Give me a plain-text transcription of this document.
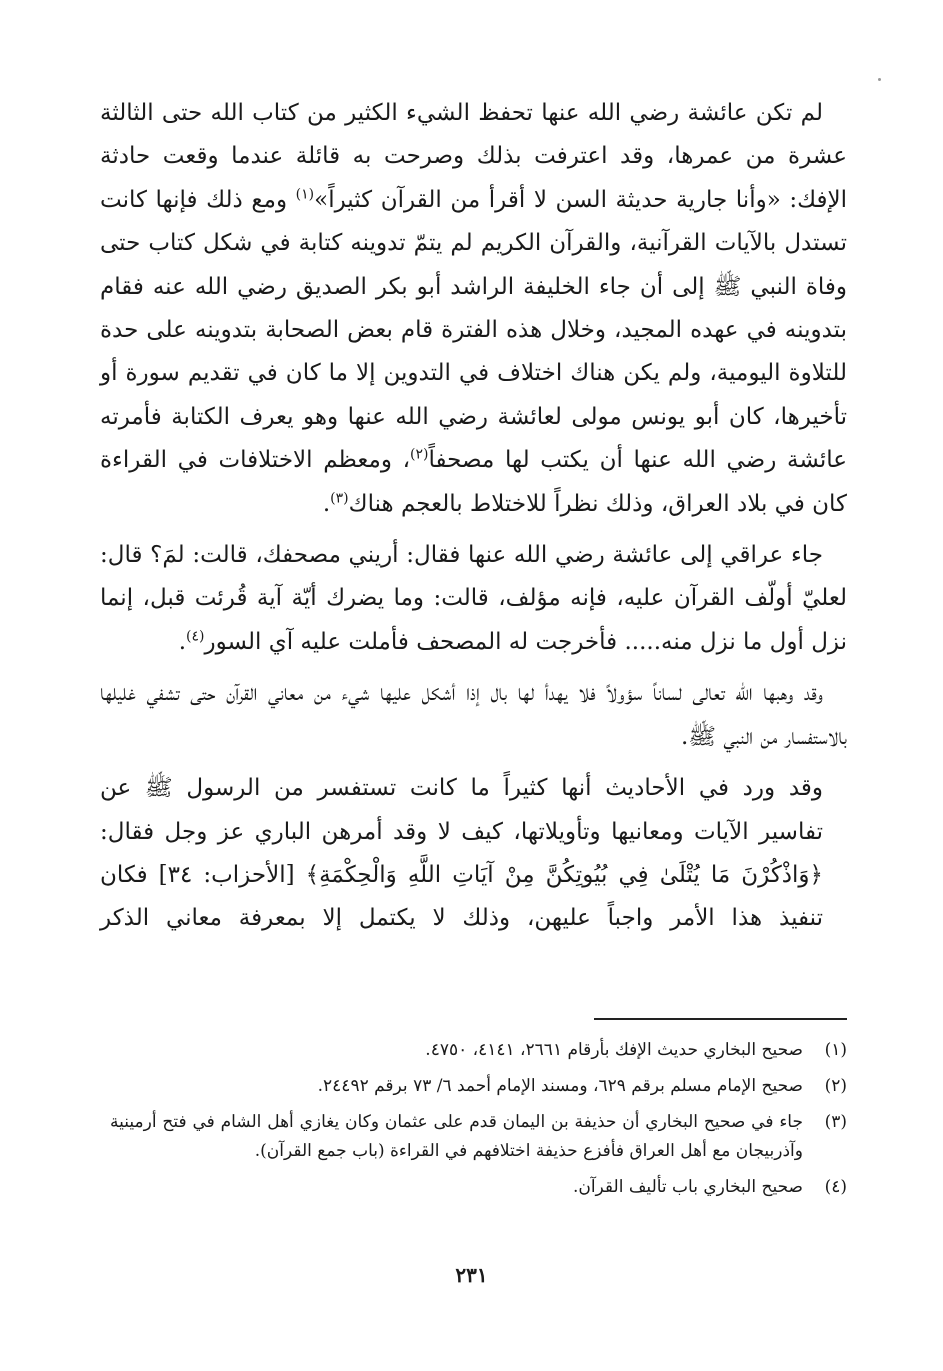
لم تكن عائشة رضي الله عنها تحفظ الشيء الكثير من كتاب الله حتى الثالثة عشرة من عمرها، وقد اعترفت بذلك وصرحت به قائلة عندما وقعت حادثة الإفك: «وأنا جارية حديثة السن لا أقرأ من القرآن كثيراً»$^{(١)}$ ومع ذلك فإنها كانت تستدل بالآيات القرآنية، والقرآن الكريم لم يتمّ تدوينه كتابة في شكل كتاب حتى وفاة النبي ﷺ إلى أن جاء الخليفة الراشد أبو بكر الصديق رضي الله عنه فقام بتدوينه في عهده المجيد، وخلال هذه الفترة قام بعض الصحابة بتدوينه على حدة للتلاوة اليومية، ولم يكن هناك اختلاف في التدوين إلا ما كان في تقديم سورة أو تأخيرها، كان أبو يونس مولى لعائشة رضي الله عنها وهو يعرف الكتابة فأمرته عائشة رضي الله عنها أن يكتب لها مصحفاً$^{(٢)}$، ومعظم الاختلافات في القراءة كان في بلاد العراق، وذلك نظراً للاختلاط بالعجم هناك$^{(٣)}$.

جاء عراقي إلى عائشة رضي الله عنها فقال: أريني مصحفك، قالت: لمَ؟ قال: لعليّ أولّف القرآن عليه، فإنه مؤلف، قالت: وما يضرك أيّة آية قُرئت قبل، إنما نزل أول ما نزل منه..... فأخرجت له المصحف فأملت عليه آي السور$^{(٤)}$.

وقد وهبها الله تعالى لساناً سؤولاً فلا يهدأ لها بال إذا أشكل عليها شيء من معاني القرآن حتى تشفي غليلها بالاستفسار من النبي ﷺ.

وقد ورد في الأحاديث أنها كثيراً ما كانت تستفسر من الرسول ﷺ عن
تفاسير الآيات ومعانيها وتأويلاتها، كيف لا وقد أمرهن الباري عز وجل فقال:
﴿وَاذْكُرْنَ مَا يُتْلَىٰ فِي بُيُوتِكُنَّ مِنْ آيَاتِ اللَّهِ وَالْحِكْمَةِ﴾ [الأحزاب: ٣٤] فكان
تنفيذ هذا الأمر واجباً عليهن، وذلك لا يكتمل إلا بمعرفة معاني الذكر

(١)
صحيح البخاري حديث الإفك بأرقام ٢٦٦١، ٤١٤١، ٤٧٥٠.
(٢)
صحيح الإمام مسلم برقم ٦٢٩، ومسند الإمام أحمد ٦/ ٧٣ برقم ٢٤٤٩٢.
(٣)
جاء في صحيح البخاري أن حذيفة بن اليمان قدم على عثمان وكان يغازي أهل الشام في فتح أرمينية وآذربيجان مع أهل العراق فأفزع حذيفة اختلافهم في القراءة (باب جمع القرآن).
(٤)
صحيح البخاري باب تأليف القرآن.
٢٣١
